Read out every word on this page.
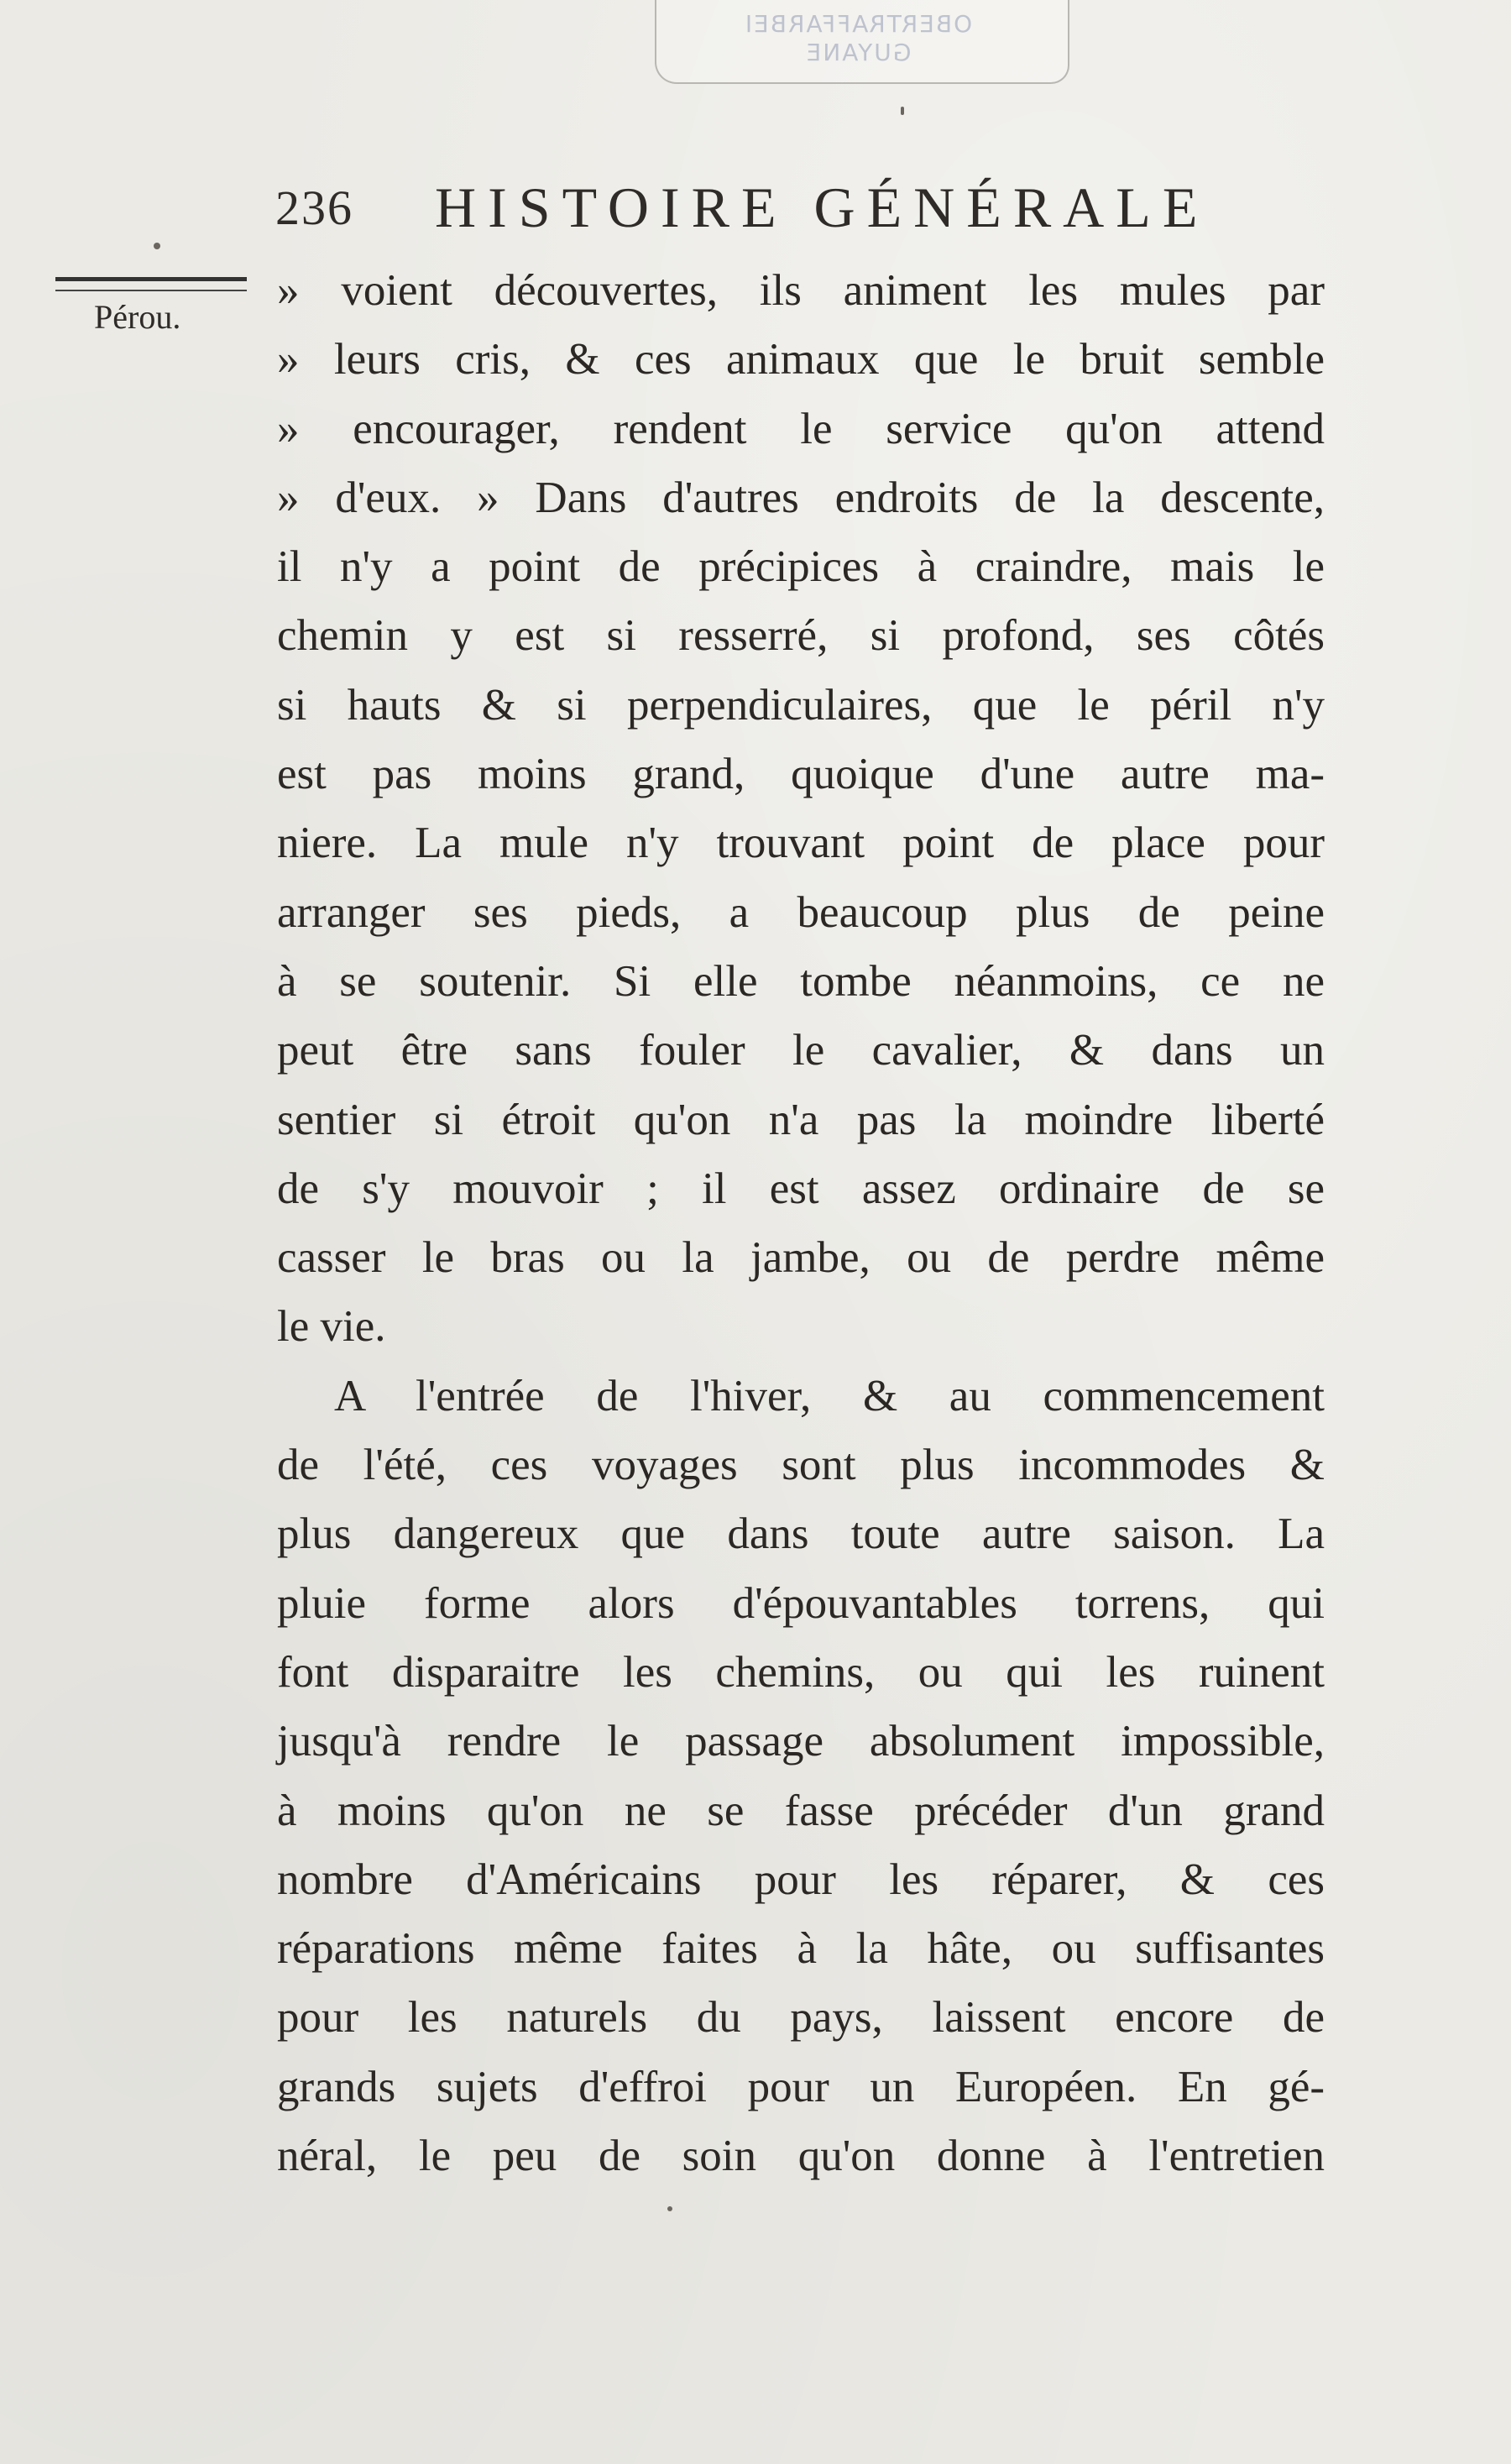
OBERTRAFFARBEI
GUYANE
236 HISTOIRE GÉNÉRALE
Pérou.
» voient découvertes, ils animent les mules par
» leurs cris, & ces animaux que le bruit semble
» encourager, rendent le service qu'on attend
» d'eux. » Dans d'autres endroits de la descente,
il n'y a point de précipices à craindre, mais le
chemin y est si resserré, si profond, ses côtés
si hauts & si perpendiculaires, que le péril n'y
est pas moins grand, quoique d'une autre ma-
niere. La mule n'y trouvant point de place pour
arranger ses pieds, a beaucoup plus de peine
à se soutenir. Si elle tombe néanmoins, ce ne
peut être sans fouler le cavalier, & dans un
sentier si étroit qu'on n'a pas la moindre liberté
de s'y mouvoir ; il est assez ordinaire de se
casser le bras ou la jambe, ou de perdre même
le vie.
A l'entrée de l'hiver, & au commencement
de l'été, ces voyages sont plus incommodes &
plus dangereux que dans toute autre saison. La
pluie forme alors d'épouvantables torrens, qui
font disparaitre les chemins, ou qui les ruinent
jusqu'à rendre le passage absolument impossible,
à moins qu'on ne se fasse précéder d'un grand
nombre d'Américains pour les réparer, & ces
réparations même faites à la hâte, ou suffisantes
pour les naturels du pays, laissent encore de
grands sujets d'effroi pour un Européen. En gé-
néral, le peu de soin qu'on donne à l'entretien
